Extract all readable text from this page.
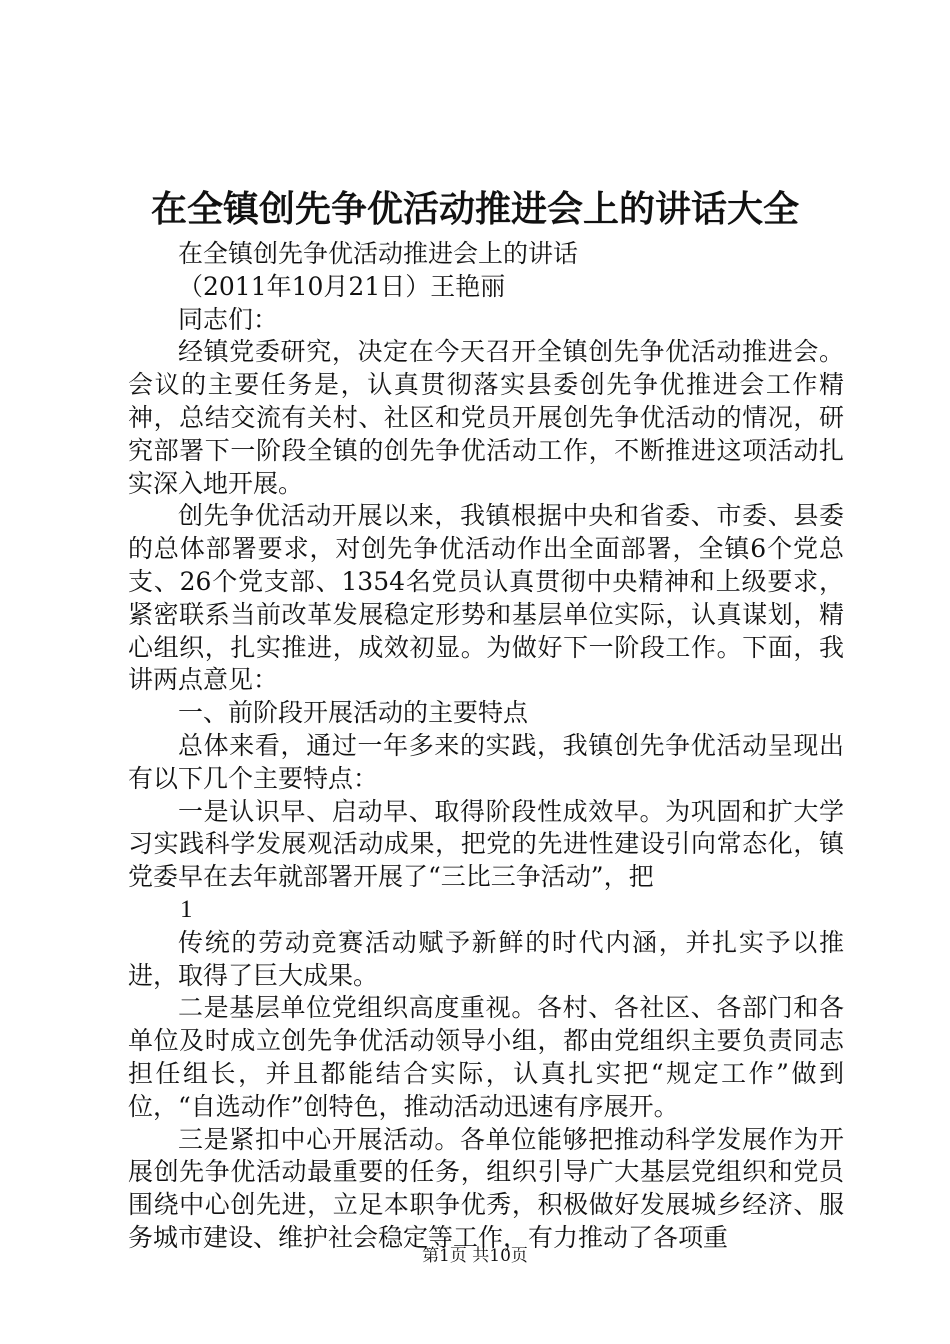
在全镇创先争优活动推进会上的讲话大全

在全镇创先争优活动推进会上的讲话

（2011年10月21日）王艳丽

同志们：

经镇党委研究，决定在今天召开全镇创先争优活动推进会。会议的主要任务是，认真贯彻落实县委创先争优推进会工作精神，总结交流有关村、社区和党员开展创先争优活动的情况，研究部署下一阶段全镇的创先争优活动工作，不断推进这项活动扎实深入地开展。

创先争优活动开展以来，我镇根据中央和省委、市委、县委的总体部署要求，对创先争优活动作出全面部署，全镇6个党总支、26个党支部、1354名党员认真贯彻中央精神和上级要求，紧密联系当前改革发展稳定形势和基层单位实际，认真谋划，精心组织，扎实推进，成效初显。为做好下一阶段工作。下面，我讲两点意见：

一、前阶段开展活动的主要特点

总体来看，通过一年多来的实践，我镇创先争优活动呈现出有以下几个主要特点：

一是认识早、启动早、取得阶段性成效早。为巩固和扩大学习实践科学发展观活动成果，把党的先进性建设引向常态化，镇党委早在去年就部署开展了“三比三争活动”，把

1

传统的劳动竞赛活动赋予新鲜的时代内涵，并扎实予以推进，取得了巨大成果。

二是基层单位党组织高度重视。各村、各社区、各部门和各单位及时成立创先争优活动领导小组，都由党组织主要负责同志担任组长，并且都能结合实际，认真扎实把“规定工作”做到位，“自选动作”创特色，推动活动迅速有序展开。

三是紧扣中心开展活动。各单位能够把推动科学发展作为开展创先争优活动最重要的任务，组织引导广大基层党组织和党员围绕中心创先进，立足本职争优秀，积极做好发展城乡经济、服务城市建设、维护社会稳定等工作，有力推动了各项重

第1页 共10页
